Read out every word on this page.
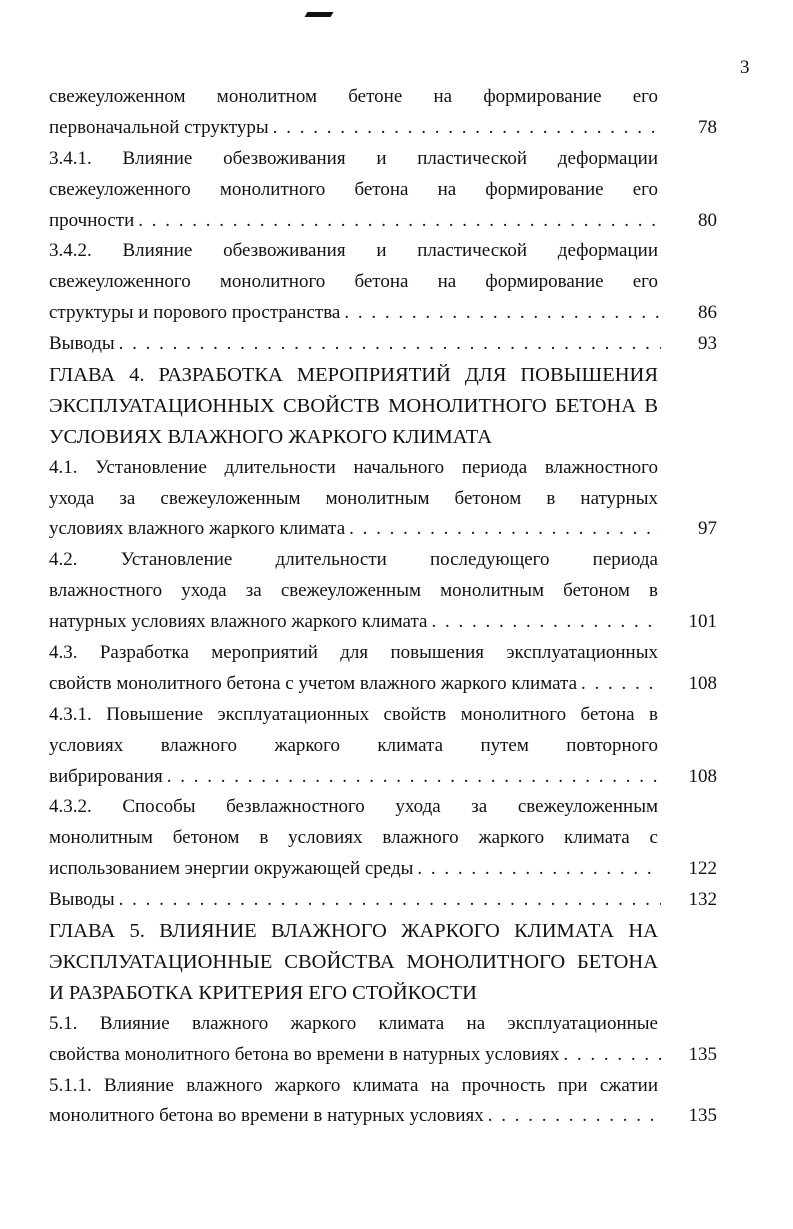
3
свежеуложенном монолитном бетоне на формирование его
первоначальной структуры . . .	78
3.4.1. Влияние обезвоживания и пластической деформации
свежеуложенного монолитного бетона на формирование его
прочности . . .	80
3.4.2. Влияние обезвоживания и пластической деформации
свежеуложенного монолитного бетона на формирование его
структуры и порового пространства . . .	86
Выводы . . .	93
ГЛАВА 4. РАЗРАБОТКА МЕРОПРИЯТИЙ ДЛЯ ПОВЫШЕНИЯ
ЭКСПЛУАТАЦИОННЫХ СВОЙСТВ МОНОЛИТНОГО БЕТОНА В
УСЛОВИЯХ ВЛАЖНОГО ЖАРКОГО КЛИМАТА
4.1. Установление длительности начального периода влажностного
ухода за свежеуложенным монолитным бетоном в натурных
условиях влажного жаркого климата . . .	97
4.2. Установление длительности последующего периода
влажностного ухода за свежеуложенным монолитным бетоном в
натурных условиях влажного жаркого климата . . .	101
4.3. Разработка мероприятий для повышения эксплуатационных
свойств монолитного бетона с учетом влажного жаркого климата . . .	108
4.3.1. Повышение эксплуатационных свойств монолитного бетона в
условиях влажного жаркого климата путем повторного
вибрирования . . .	108
4.3.2. Способы безвлажностного ухода за свежеуложенным
монолитным бетоном в условиях влажного жаркого климата с
использованием энергии окружающей среды . . .	122
Выводы . . .	132
ГЛАВА 5. ВЛИЯНИЕ ВЛАЖНОГО ЖАРКОГО КЛИМАТА НА
ЭКСПЛУАТАЦИОННЫЕ СВОЙСТВА МОНОЛИТНОГО БЕТОНА
И РАЗРАБОТКА КРИТЕРИЯ ЕГО СТОЙКОСТИ
5.1. Влияние влажного жаркого климата на эксплуатационные
свойства монолитного бетона во времени в натурных условиях . . .	135
5.1.1. Влияние влажного жаркого климата на прочность при сжатии
монолитного бетона во времени в натурных условиях . . .	135
